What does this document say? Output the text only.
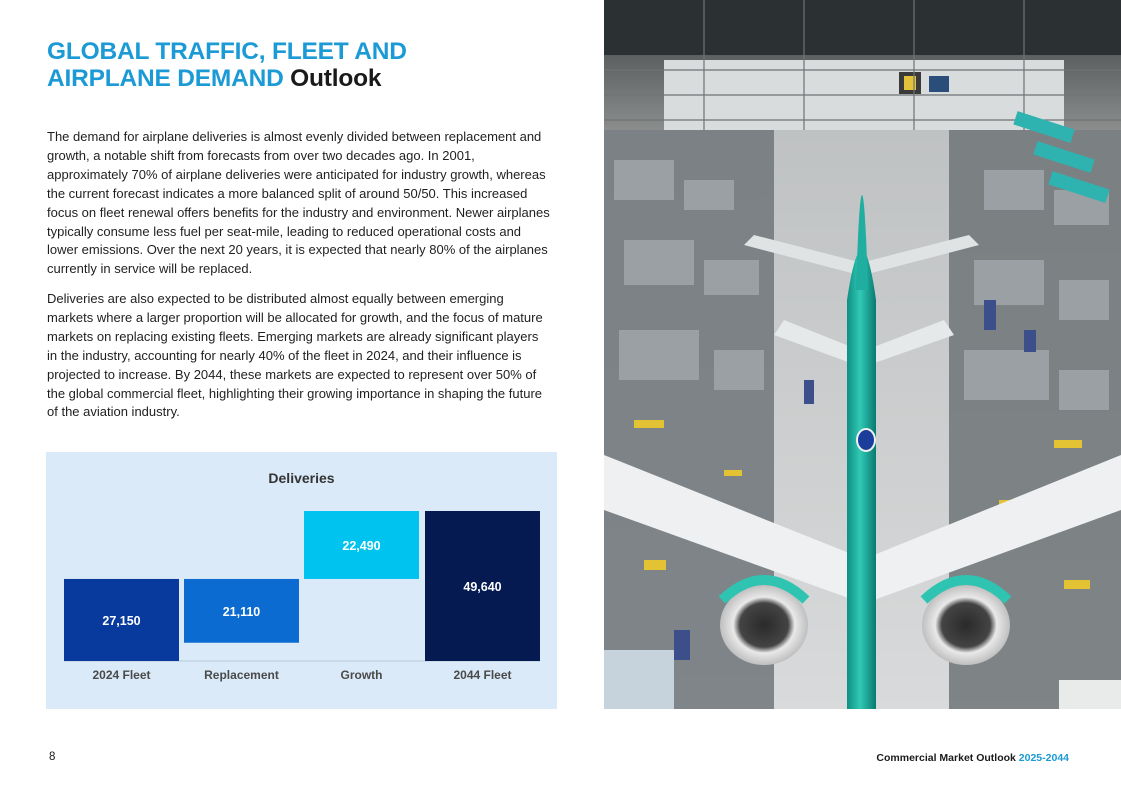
GLOBAL TRAFFIC, FLEET AND
AIRPLANE DEMAND Outlook

The demand for airplane deliveries is almost evenly divided between replacement and growth, a notable shift from forecasts from over two decades ago. In 2001, approximately 70% of airplane deliveries were anticipated for industry growth, whereas the current forecast indicates a more balanced split of around 50/50. This increased focus on fleet renewal offers benefits for the industry and environment. Newer airplanes typically consume less fuel per seat-mile, leading to reduced operational costs and lower emissions. Over the next 20 years, it is expected that nearly 80% of the airplanes currently in service will be replaced.

Deliveries are also expected to be distributed almost equally between emerging markets where a larger proportion will be allocated for growth, and the focus of mature markets on replacing existing fleets. Emerging markets are already significant players in the industry, accounting for nearly 40% of the fleet in 2024, and their influence is projected to increase. By 2044, these markets are expected to represent over 50% of the global commercial fleet, highlighting their growing importance in shaping the future of the aviation industry.

Deliveries
27,150
2024 Fleet
21,110
Replacement
22,490
Growth
49,640
2044 Fleet
8	Commercial Market Outlook 2025-2044
